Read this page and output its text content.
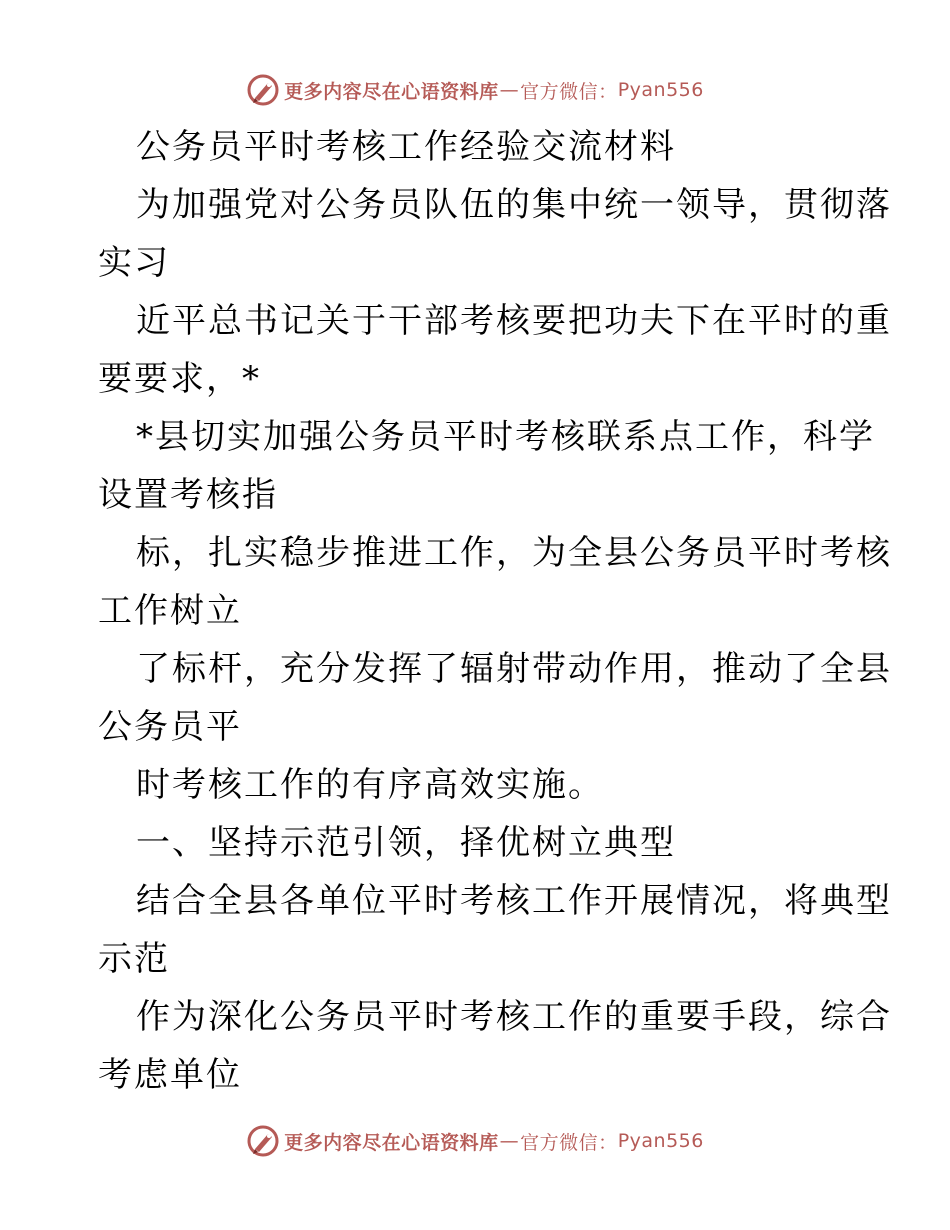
更多内容尽在心语资料库 — 官方微信： Pyan556
公务员平时考核工作经验交流材料
为加强党对公务员队伍的集中统一领导，贯彻落
实习
近平总书记关于干部考核要把功夫下在平时的重
要要求，*
*县切实加强公务员平时考核联系点工作，科学
设置考核指
标，扎实稳步推进工作，为全县公务员平时考核
工作树立
了标杆，充分发挥了辐射带动作用，推动了全县
公务员平
时考核工作的有序高效实施。
一、坚持示范引领，择优树立典型
结合全县各单位平时考核工作开展情况，将典型
示范
作为深化公务员平时考核工作的重要手段，综合
考虑单位
更多内容尽在心语资料库 — 官方微信： Pyan556
